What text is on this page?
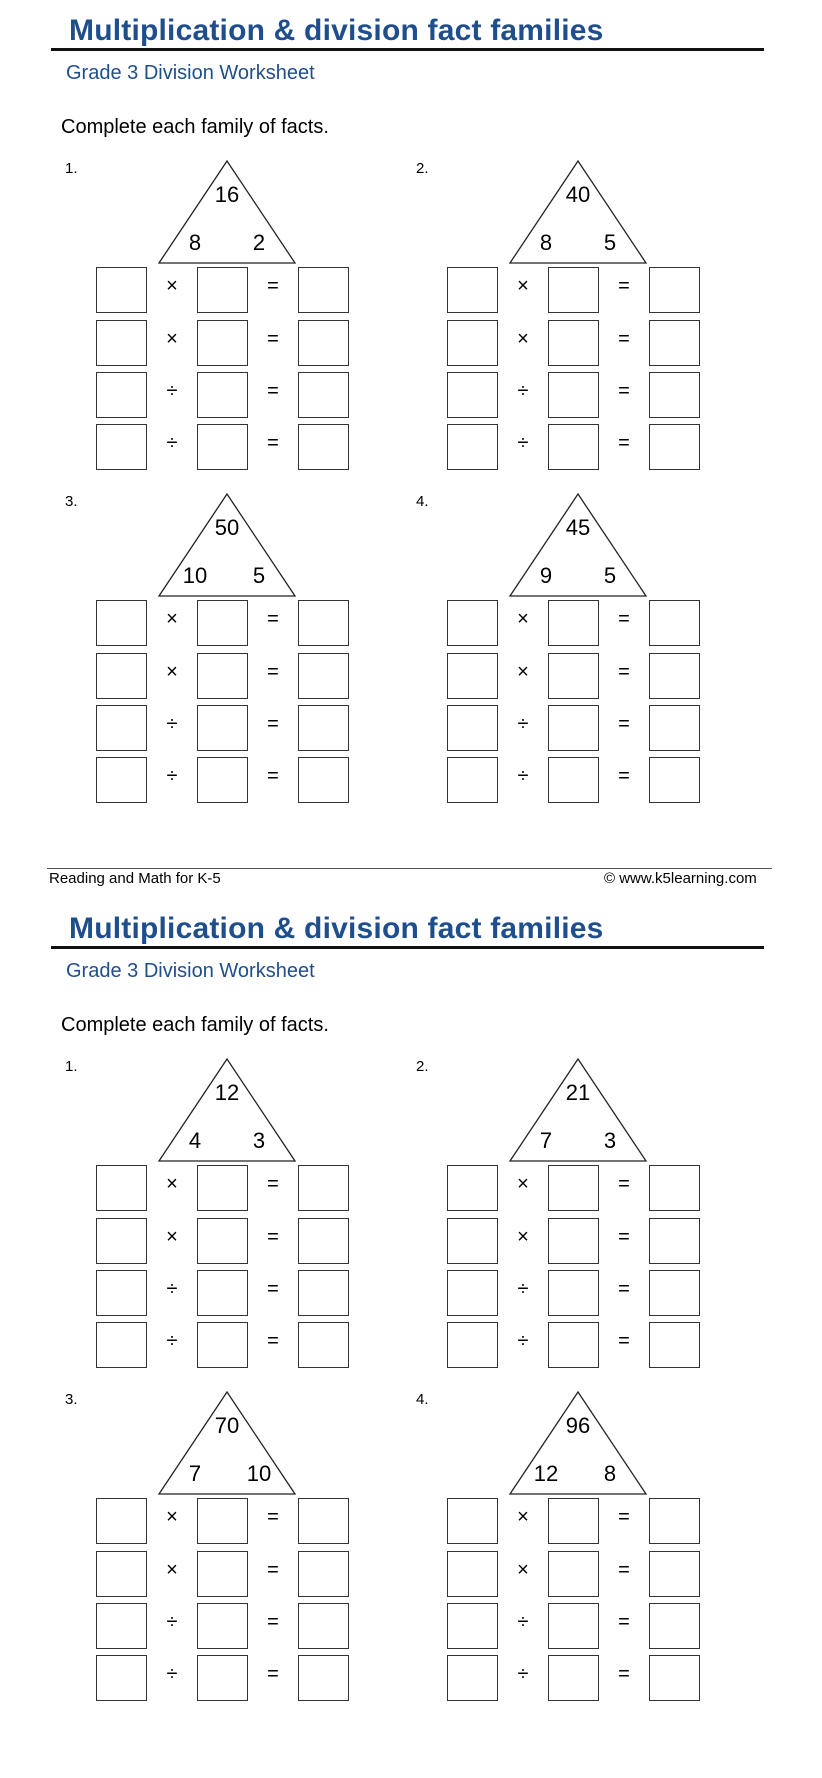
Multiplication & division fact families
Grade 3 Division Worksheet
Complete each family of facts.
1.
16
8	2
×	=
×	=
÷	=
÷	=
2.
40
8	5
×	=
×	=
÷	=
÷	=
3.
50
10	5
×	=
×	=
÷	=
÷	=
4.
45
9	5
×	=
×	=
÷	=
÷	=
Reading and Math for K-5	© www.k5learning.com
Multiplication & division fact families
Grade 3 Division Worksheet
Complete each family of facts.
1.
12
4	3
×	=
×	=
÷	=
÷	=
2.
21
7	3
×	=
×	=
÷	=
÷	=
3.
70
7	10
×	=
×	=
÷	=
÷	=
4.
96
12	8
×	=
×	=
÷	=
÷	=
